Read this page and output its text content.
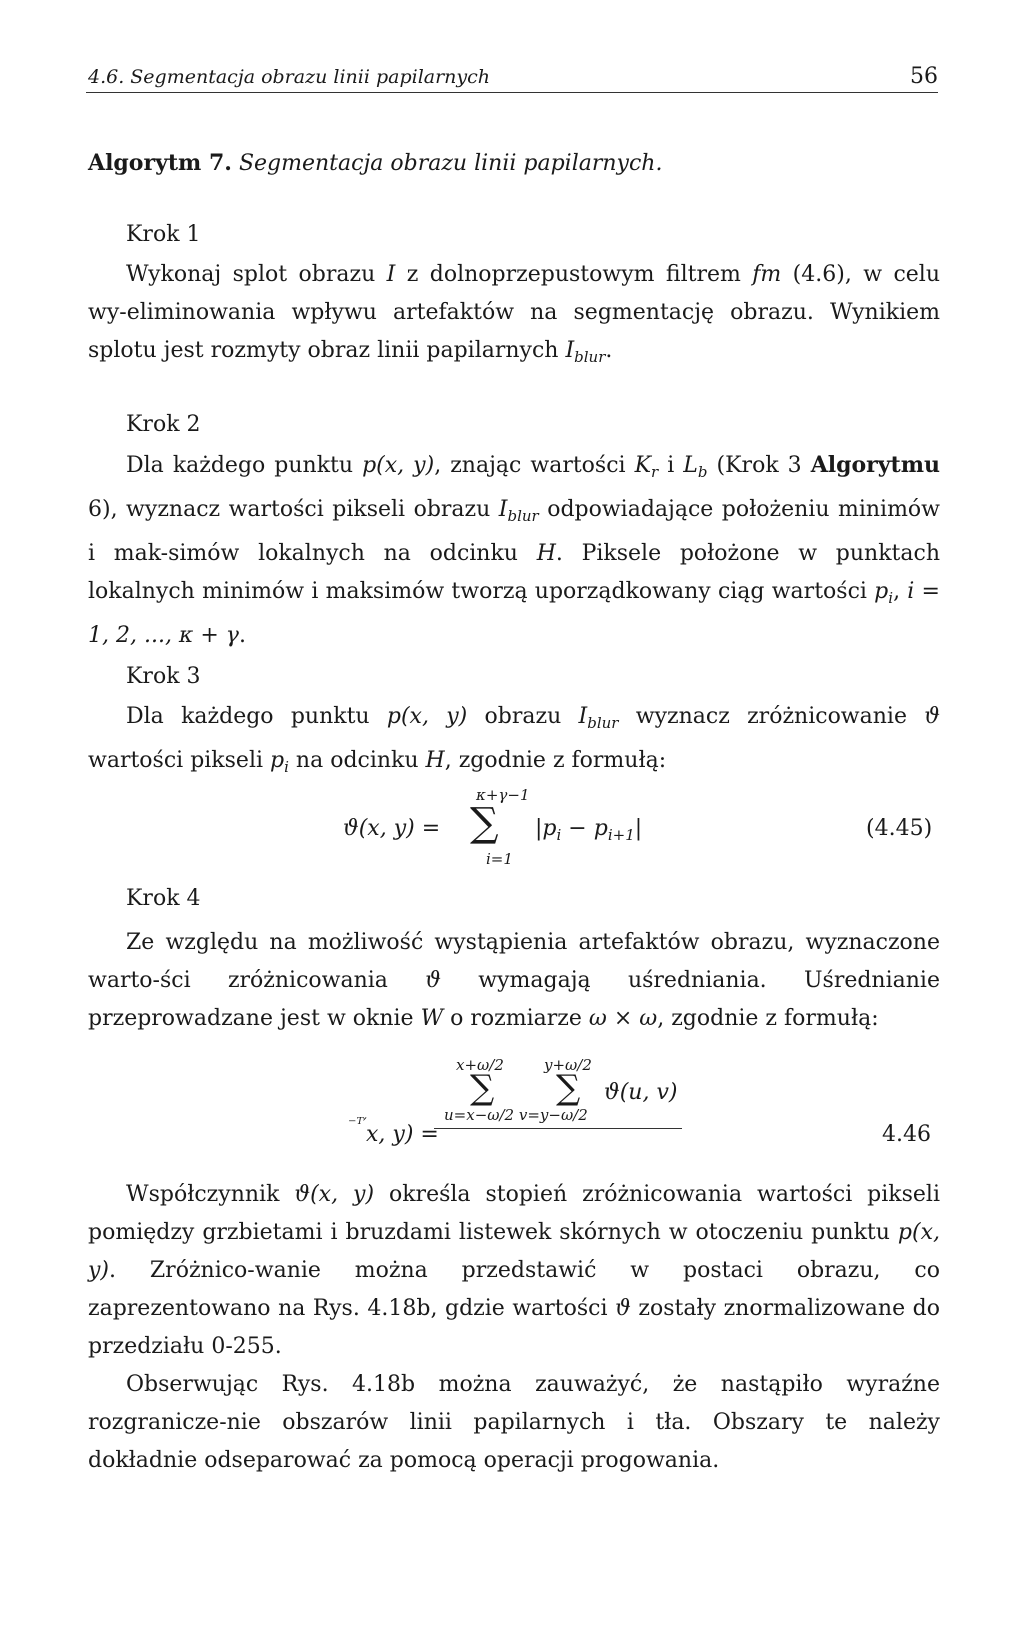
4.6. Segmentacja obrazu linii papilarnych	56
Algorytm 7. Segmentacja obrazu linii papilarnych.
Krok 1
Wykonaj splot obrazu I z dolnoprzepustowym filtrem fm (4.6), w celu wy-eliminowania wpływu artefaktów na segmentację obrazu. Wynikiem splotu jest rozmyty obraz linii papilarnych $I_{blur}$.
Krok 2
Dla każdego punktu p(x, y), znając wartości $K_r$ i $L_b$ (Krok 3 Algorytmu 6), wyznacz wartości pikseli obrazu $I_{blur}$ odpowiadające położeniu minimów i mak-simów lokalnych na odcinku H. Piksele położone w punktach lokalnych minimów i maksimów tworzą uporządkowany ciąg wartości $p_i$, i = 1, 2, ..., κ + γ.
Krok 3
Dla każdego punktu p(x, y) obrazu $I_{blur}$ wyznacz zróżnicowanie ϑ wartości pikseli $p_i$ na odcinku H, zgodnie z formułą:
κ+γ−1
ϑ(x, y) = ∑ $|p_i - p_{i+1}|$
i=1
(4.45)
Krok 4
Ze względu na możliwość wystąpienia artefaktów obrazu, wyznaczone warto-ści zróżnicowania ϑ wymagają uśredniania. Uśrednianie przeprowadzane jest w oknie W o rozmiarze ω × ω, zgodnie z formułą:
x+ω/2	y+ω/2
∑ ∑ ϑ(u, v)
u=x−ω/2 v=y−ω/2
⁻ᵀ′ x, y) =	4.46
Współczynnik ϑ(x, y) określa stopień zróżnicowania wartości pikseli pomiędzy grzbietami i bruzdami listewek skórnych w otoczeniu punktu p(x, y). Zróżnico-wanie można przedstawić w postaci obrazu, co zaprezentowano na Rys. 4.18b, gdzie wartości ϑ zostały znormalizowane do przedziału 0-255.
Obserwując Rys. 4.18b można zauważyć, że nastąpiło wyraźne rozgranicze-nie obszarów linii papilarnych i tła. Obszary te należy dokładnie odseparować za pomocą operacji progowania.
